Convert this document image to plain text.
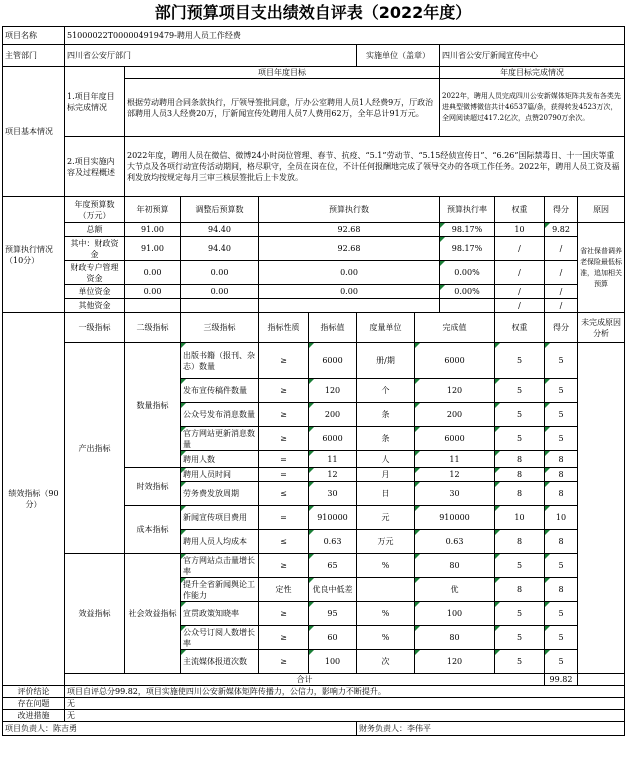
部门预算项目支出绩效自评表（2022年度）
项目名称	51000022T000004919479-聘用人员工作经费										
主管部门	四川省公安厅部门					实施单位（盖章）		四川省公安厅新闻宣传中心			
项目基本情况	1.项目年度目标完成情况	项目年度目标						年度目标完成情况			
		根据劳动聘用合同条款执行，厅领导签批同意，厅办公室聘用人员1人经费9万，厅政治部聘用人员3人经费20万，厅新闻宣传处聘用人员7人费用62万，全年总计91万元。						2022年，聘用人员完成四川公安新媒体矩阵共发布各类先进典型微博微信共计46537篇/条，获得转发4523万次，全网阅读超过417.2亿次，点赞20790万余次。			
	2.项目实施内容及过程概述	2022年度，聘用人员在微信、微博24小时岗位管理、春节、抗疫、“5.1”劳动节、“5.15经侦宣传日”、“6.26”国际禁毒日、十一国庆等重大节点及各项行动宣传活动期间，格尽职守，全员在岗在位，不计任何报酬地完成了领导交办的各项工作任务。2022年，聘用人员工资及福利发放均按规定每月三审三核层签批后上卡发放。									

预算执行情况（10分）	年度预算数（万元）	年初预算	调整后预算数	预算执行数				预算执行率	权重	得分	原因
	总额	91.00	94.40	92.68				98.17%	10	9.82	省社保普调养老保险最低标准，追加相关预算
	其中：财政资金	91.00	94.40	92.68				98.17%	/	/	
	财政专户管理资金	0.00	0.00	0.00				0.00%	/	/	
	单位资金	0.00	0.00	0.00				0.00%	/	/	
	其他资金								/	/	
绩效指标（90分）	一级指标	二级指标	三级指标	指标性质	指标值	度量单位	完成值		权重	得分	未完成原因分析
	产出指标	数量指标	出版书籍（报刊、杂志）数量	≥	6000	册/期	6000		5	5	
			发布宣传稿件数量	≥	120	个	120		5	5	
			公众号发布消息数量	≥	200	条	200		5	5	
			官方网站更新消息数量	≥	6000	条	6000		5	5	
			聘用人数	=	11	人	11		8	8	
		时效指标	聘用人员时间	=	12	月	12		8	8	
			劳务费发放周期	≤	30	日	30		8	8	
		成本指标	新闻宣传项目费用	=	910000	元	910000		10	10	
			聘用人员人均成本	≤	0.63	万元	0.63		8	8	
	效益指标	社会效益指标	官方网站点击量增长率	≥	65	%	80		5	5	
			提升全省新闻舆论工作能力	定性	优良中低差		优		8	8	
			宣贯政策知晓率	≥	95	%	100		5	5	
			公众号订阅人数增长率	≥	60	%	80		5	5	
			主流媒体报道次数	≥	100	次	120		5	5	
	合计									99.82	
评价结论	项目自评总分99.82，项目实施使四川公安新媒体矩阵传播力，公信力，影响力不断提升。										
存在问题	无										
改进措施	无										
项目负责人：陈吉勇						财务负责人：李伟平					
